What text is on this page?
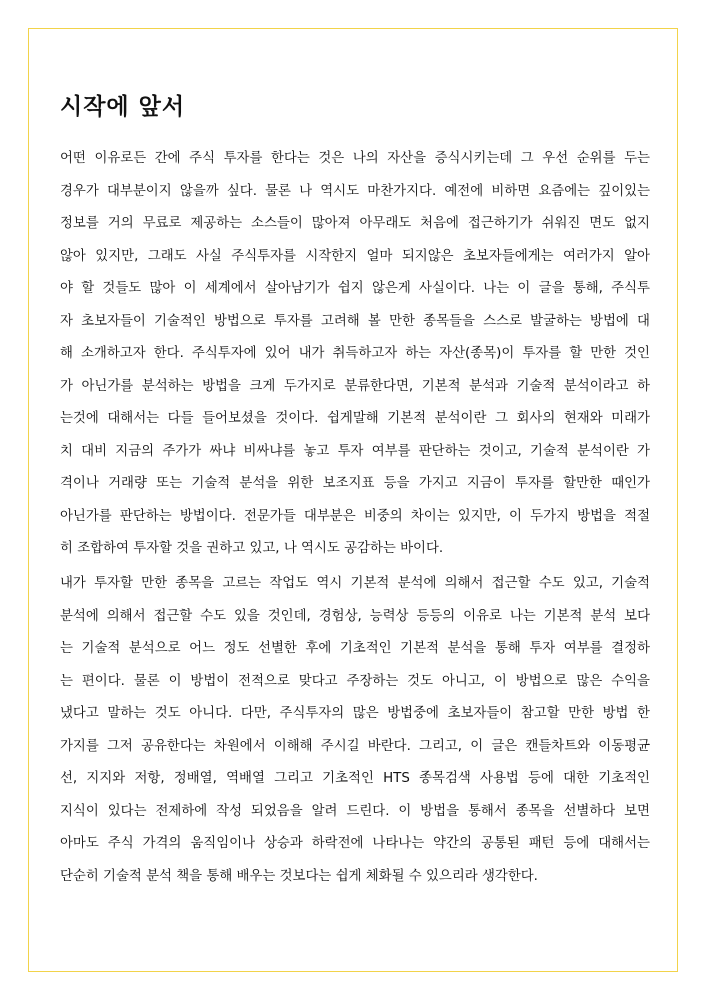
시작에 앞서
어떤 이유로든 간에 주식 투자를 한다는 것은 나의 자산을 증식시키는데 그 우선 순위를 두는
경우가 대부분이지 않을까 싶다. 물론 나 역시도 마찬가지다. 예전에 비하면 요즘에는 깊이있는
정보를 거의 무료로 제공하는 소스들이 많아져 아무래도 처음에 접근하기가 쉬워진 면도 없지
않아 있지만, 그래도 사실 주식투자를 시작한지 얼마 되지않은 초보자들에게는 여러가지 알아
야 할 것들도 많아 이 세계에서 살아남기가 쉽지 않은게 사실이다. 나는 이 글을 통해, 주식투
자 초보자들이 기술적인 방법으로 투자를 고려해 볼 만한 종목들을 스스로 발굴하는 방법에 대
해 소개하고자 한다. 주식투자에 있어 내가 취득하고자 하는 자산(종목)이 투자를 할 만한 것인
가 아닌가를 분석하는 방법을 크게 두가지로 분류한다면, 기본적 분석과 기술적 분석이라고 하
는것에 대해서는 다들 들어보셨을 것이다. 쉽게말해 기본적 분석이란 그 회사의 현재와 미래가
치 대비 지금의 주가가 싸냐 비싸냐를 놓고 투자 여부를 판단하는 것이고, 기술적 분석이란 가
격이나 거래량 또는 기술적 분석을 위한 보조지표 등을 가지고 지금이 투자를 할만한 때인가
아닌가를 판단하는 방법이다. 전문가들 대부분은 비중의 차이는 있지만, 이 두가지 방법을 적절
히 조합하여 투자할 것을 권하고 있고, 나 역시도 공감하는 바이다.
내가 투자할 만한 종목을 고르는 작업도 역시 기본적 분석에 의해서 접근할 수도 있고, 기술적
분석에 의해서 접근할 수도 있을 것인데, 경험상, 능력상 등등의 이유로 나는 기본적 분석 보다
는 기술적 분석으로 어느 정도 선별한 후에 기초적인 기본적 분석을 통해 투자 여부를 결정하
는 편이다. 물론 이 방법이 전적으로 맞다고 주장하는 것도 아니고, 이 방법으로 많은 수익을
냈다고 말하는 것도 아니다. 다만, 주식투자의 많은 방법중에 초보자들이 참고할 만한 방법 한
가지를 그저 공유한다는 차원에서 이해해 주시길 바란다. 그리고, 이 글은 캔들차트와 이동평균
선, 지지와 저항, 정배열, 역배열 그리고 기초적인 HTS 종목검색 사용법 등에 대한 기초적인
지식이 있다는 전제하에 작성 되었음을 알려 드린다. 이 방법을 통해서 종목을 선별하다 보면
아마도 주식 가격의 움직임이나 상승과 하락전에 나타나는 약간의 공통된 패턴 등에 대해서는
단순히 기술적 분석 책을 통해 배우는 것보다는 쉽게 체화될 수 있으리라 생각한다.
